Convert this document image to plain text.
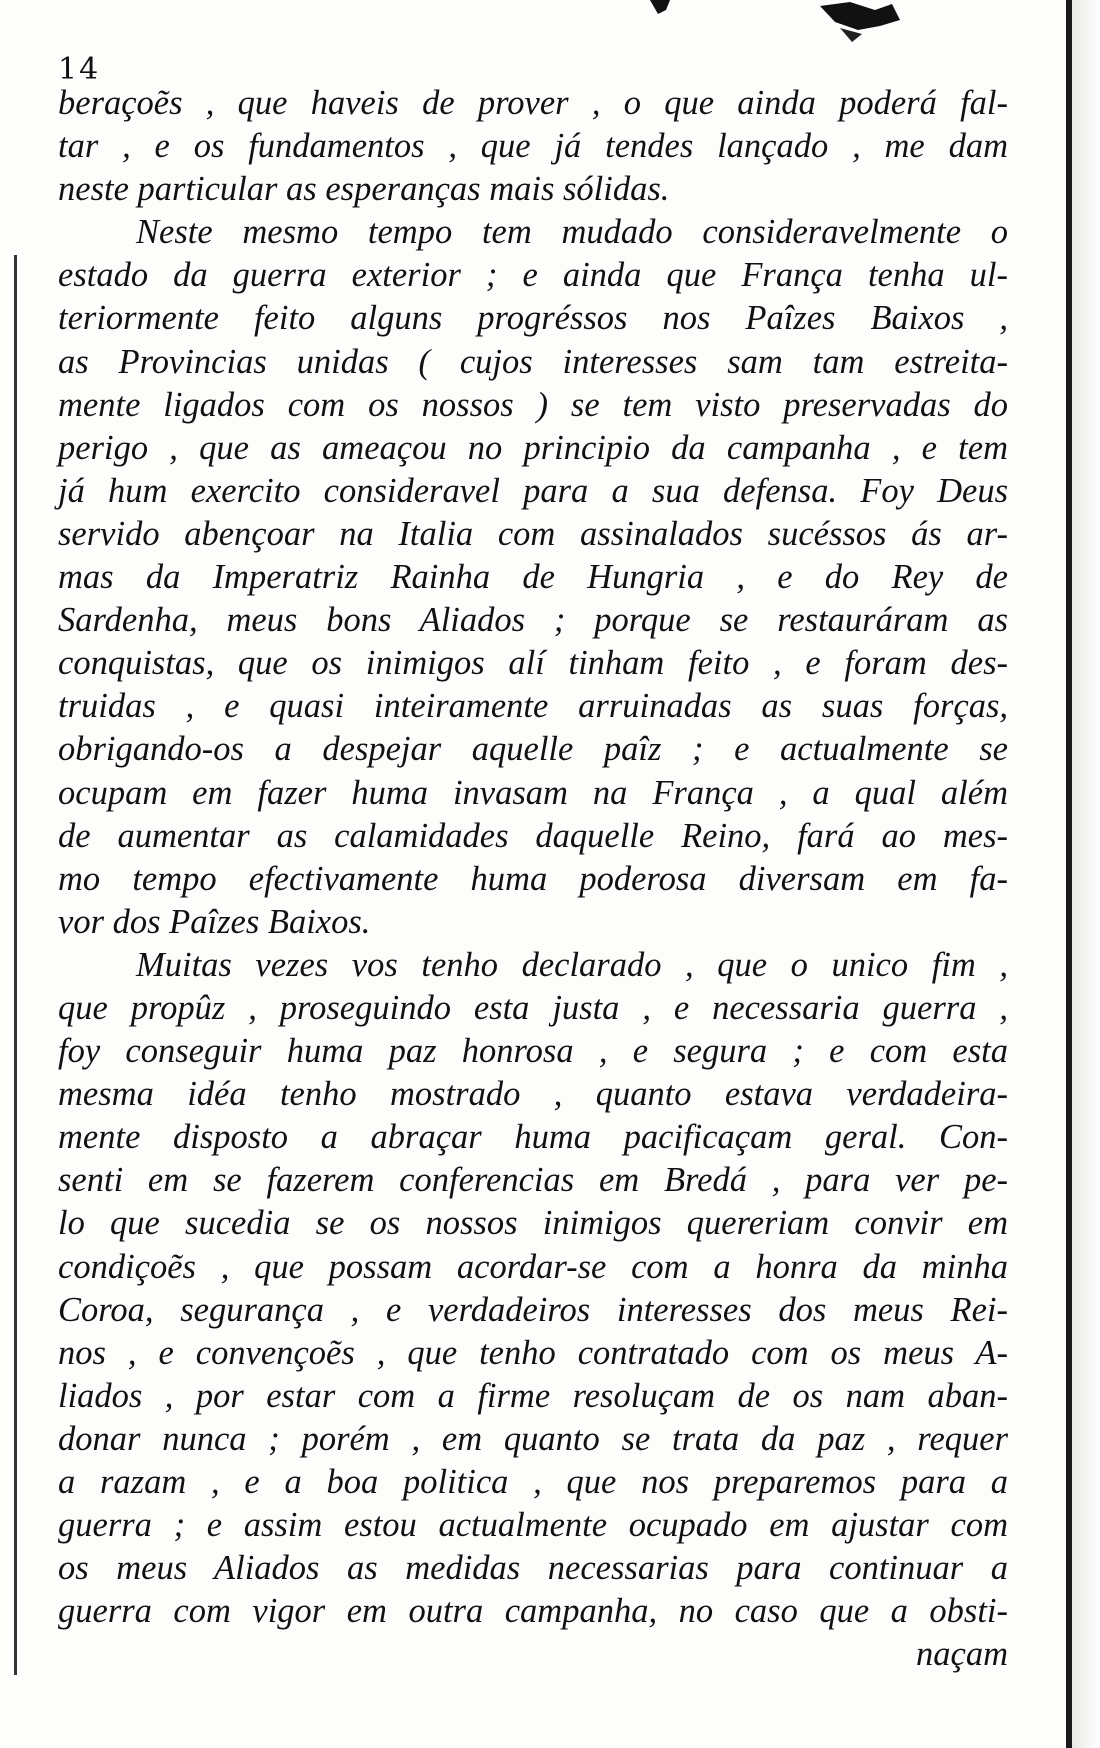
14
beraçoẽs , que haveis de prover , o que ainda poderá fal-
tar , e os fundamentos , que já tendes lançado , me dam
neste particular as esperanças mais sólidas.
Neste mesmo tempo tem mudado consideravelmente o
estado da guerra exterior ; e ainda que França tenha ul-
teriormente feito alguns progréssos nos Paîzes Baixos ,
as Provincias unidas ( cujos interesses sam tam estreita-
mente ligados com os nossos ) se tem visto preservadas do
perigo , que as ameaçou no principio da campanha , e tem
já hum exercito consideravel para a sua defensa. Foy Deus
servido abençoar na Italia com assinalados sucéssos ás ar-
mas da Imperatriz Rainha de Hungria , e do Rey de
Sardenha, meus bons Aliados ; porque se restauráram as
conquistas, que os inimigos alí tinham feito , e foram des-
truidas , e quasi inteiramente arruinadas as suas forças,
obrigando-os a despejar aquelle paîz ; e actualmente se
ocupam em fazer huma invasam na França , a qual além
de aumentar as calamidades daquelle Reino, fará ao mes-
mo tempo efectivamente huma poderosa diversam em fa-
vor dos Paîzes Baixos.
Muitas vezes vos tenho declarado , que o unico fim ,
que propûz , proseguindo esta justa , e necessaria guerra ,
foy conseguir huma paz honrosa , e segura ; e com esta
mesma idéa tenho mostrado , quanto estava verdadeira-
mente disposto a abraçar huma pacificaçam geral. Con-
senti em se fazerem conferencias em Bredá , para ver pe-
lo que sucedia se os nossos inimigos quereriam convir em
condiçoẽs , que possam acordar-se com a honra da minha
Coroa, segurança , e verdadeiros interesses dos meus Rei-
nos , e convençoẽs , que tenho contratado com os meus A-
liados , por estar com a firme resoluçam de os nam aban-
donar nunca ; porém , em quanto se trata da paz , requer
a razam , e a boa politica , que nos preparemos para a
guerra ; e assim estou actualmente ocupado em ajustar com
os meus Aliados as medidas necessarias para continuar a
guerra com vigor em outra campanha, no caso que a obsti-
naçam
